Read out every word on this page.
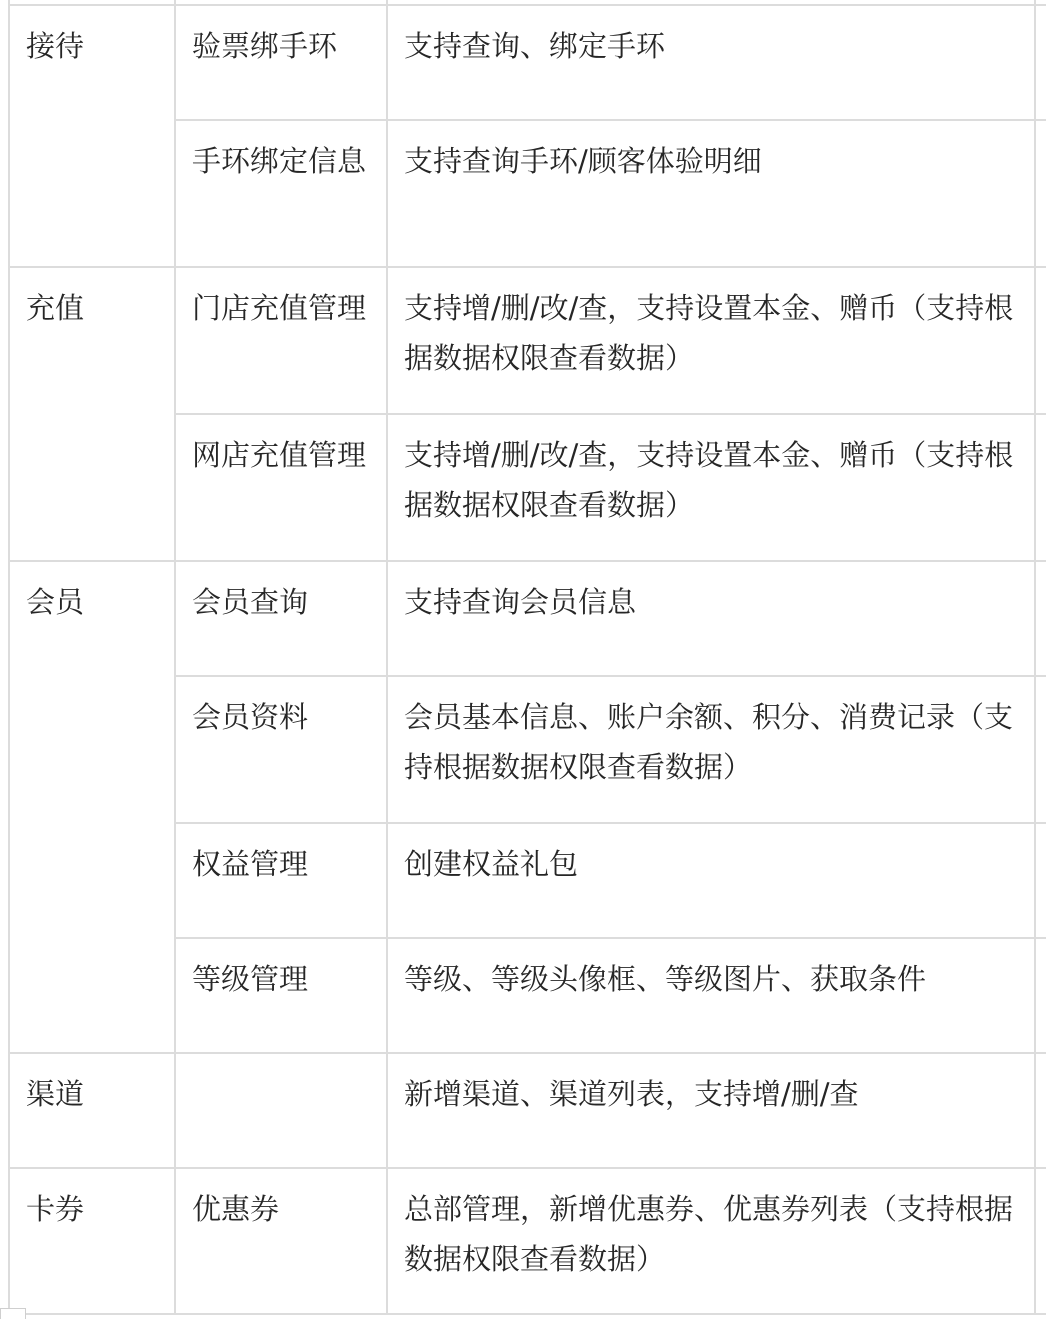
接待	验票绑手环	支持查询、绑定手环	

	手环绑定信息	支持查询手环/顾客体验明细	

充值	门店充值管理	支持增/删/改/查，支持设置本金、赠币（支持根据数据权限查看数据）	

	网店充值管理	支持增/删/改/查，支持设置本金、赠币（支持根据数据权限查看数据）	

会员	会员查询	支持查询会员信息	

	会员资料	会员基本信息、账户余额、积分、消费记录（支持根据数据权限查看数据）	

	权益管理	创建权益礼包	

	等级管理	等级、等级头像框、等级图片、获取条件	

渠道		新增渠道、渠道列表，支持增/删/查	

卡券	优惠券	总部管理，新增优惠券、优惠券列表（支持根据数据权限查看数据）	
